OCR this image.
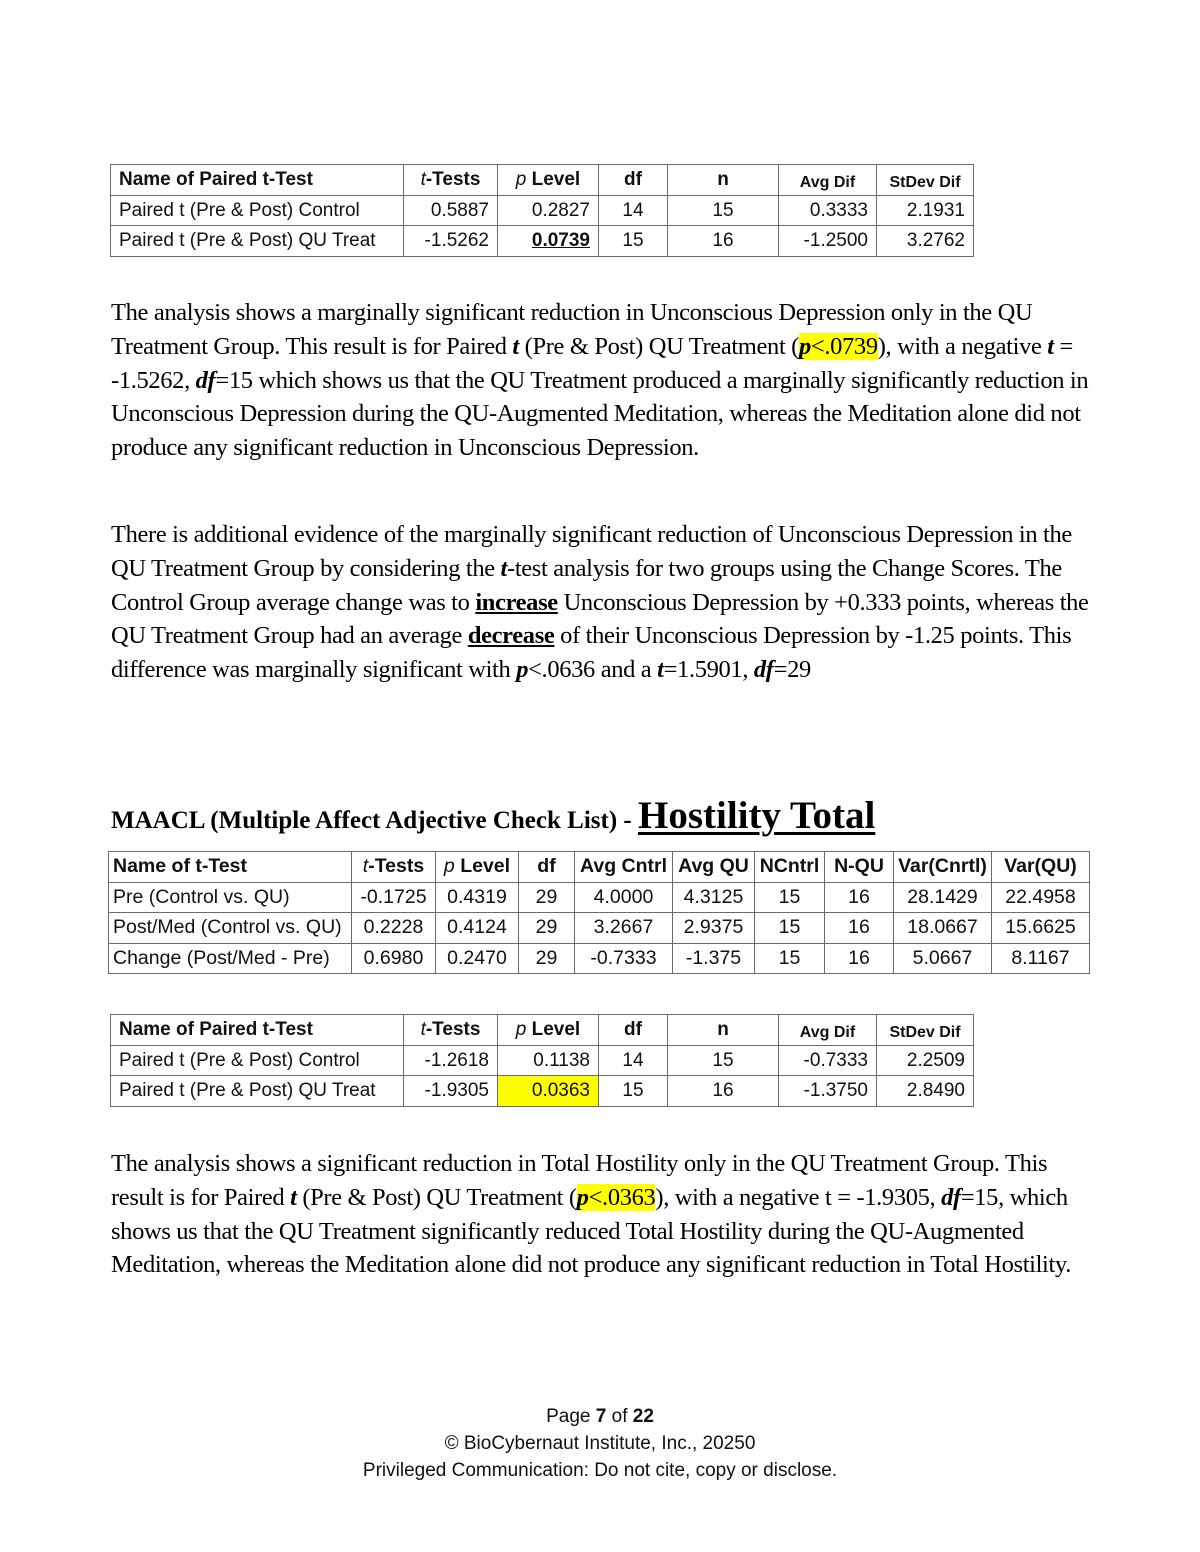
Name of Paired t-Test	t-Tests	p Level	df	n	Avg Dif	StDev Dif
Paired t (Pre & Post) Control	0.5887	0.2827	14	15	0.3333	2.1931
Paired t (Pre & Post) QU Treat	-1.5262	0.0739	15	16	-1.2500	3.2762

The analysis shows a marginally significant reduction in Unconscious Depression only in the QU Treatment Group. This result is for Paired t (Pre & Post) QU Treatment (p<.0739), with a negative t = -1.5262, df=15 which shows us that the QU Treatment produced a marginally significantly reduction in Unconscious Depression during the QU-Augmented Meditation, whereas the Meditation alone did not produce any significant reduction in Unconscious Depression.

There is additional evidence of the marginally significant reduction of Unconscious Depression in the QU Treatment Group by considering the t-test analysis for two groups using the Change Scores. The Control Group average change was to increase Unconscious Depression by +0.333 points, whereas the QU Treatment Group had an average decrease of their Unconscious Depression by -1.25 points. This difference was marginally significant with p<.0636 and a t=1.5901, df=29

MAACL (Multiple Affect Adjective Check List) - Hostility Total
Name of t-Test	t-Tests	p Level	df	Avg Cntrl	Avg QU	NCntrl	N-QU	Var(Cnrtl)	Var(QU)
Pre (Control vs. QU)	-0.1725	0.4319	29	4.0000	4.3125	15	16	28.1429	22.4958
Post/Med (Control vs. QU)	0.2228	0.4124	29	3.2667	2.9375	15	16	18.0667	15.6625
Change (Post/Med - Pre)	0.6980	0.2470	29	-0.7333	-1.375	15	16	5.0667	8.1167
Name of Paired t-Test	t-Tests	p Level	df	n	Avg Dif	StDev Dif
Paired t (Pre & Post) Control	-1.2618	0.1138	14	15	-0.7333	2.2509
Paired t (Pre & Post) QU Treat	-1.9305	0.0363	15	16	-1.3750	2.8490

The analysis shows a significant reduction in Total Hostility only in the QU Treatment Group. This result is for Paired t (Pre & Post) QU Treatment (p<.0363), with a negative t = -1.9305, df=15, which shows us that the QU Treatment significantly reduced Total Hostility during the QU-Augmented Meditation, whereas the Meditation alone did not produce any significant reduction in Total Hostility.

Page 7 of 22
© BioCybernaut Institute, Inc., 20250
Privileged Communication: Do not cite, copy or disclose.
